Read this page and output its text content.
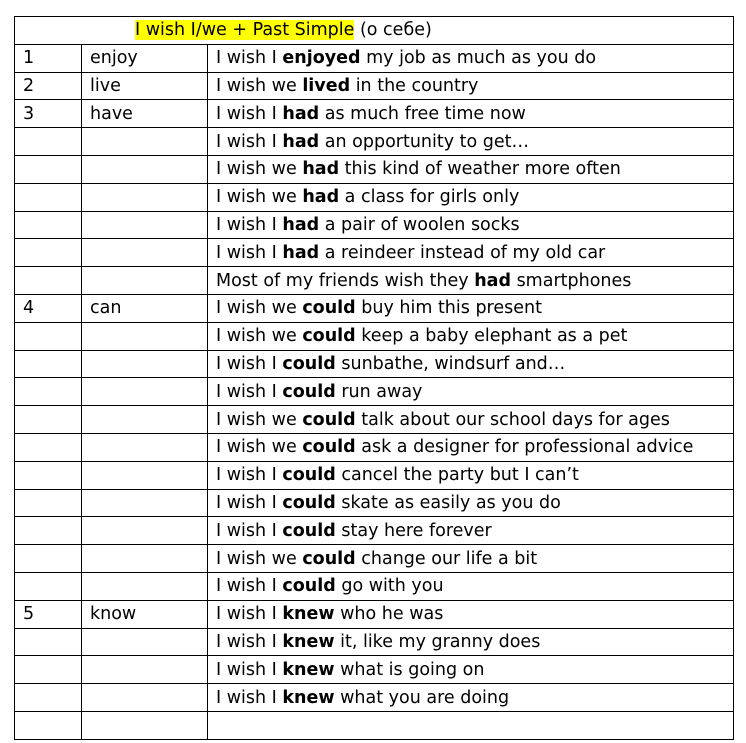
I wish I/we + Past Simple (о себе)		
1	enjoy	I wish I enjoyed my job as much as you do
2	live	I wish we lived in the country
3	have	I wish I had as much free time now
		I wish I had an opportunity to get…
		I wish we had this kind of weather more often
		I wish we had a class for girls only
		I wish I had a pair of woolen socks
		I wish I had a reindeer instead of my old car
		Most of my friends wish they had smartphones
4	can	I wish we could buy him this present
		I wish we could keep a baby elephant as a pet
		I wish I could sunbathe, windsurf and…
		I wish I could run away
		I wish we could talk about our school days for ages
		I wish we could ask a designer for professional advice
		I wish I could cancel the party but I can’t
		I wish I could skate as easily as you do
		I wish I could stay here forever
		I wish we could change our life a bit
		I wish I could go with you
5	know	I wish I knew who he was
		I wish I knew it, like my granny does
		I wish I knew what is going on
		I wish I knew what you are doing
